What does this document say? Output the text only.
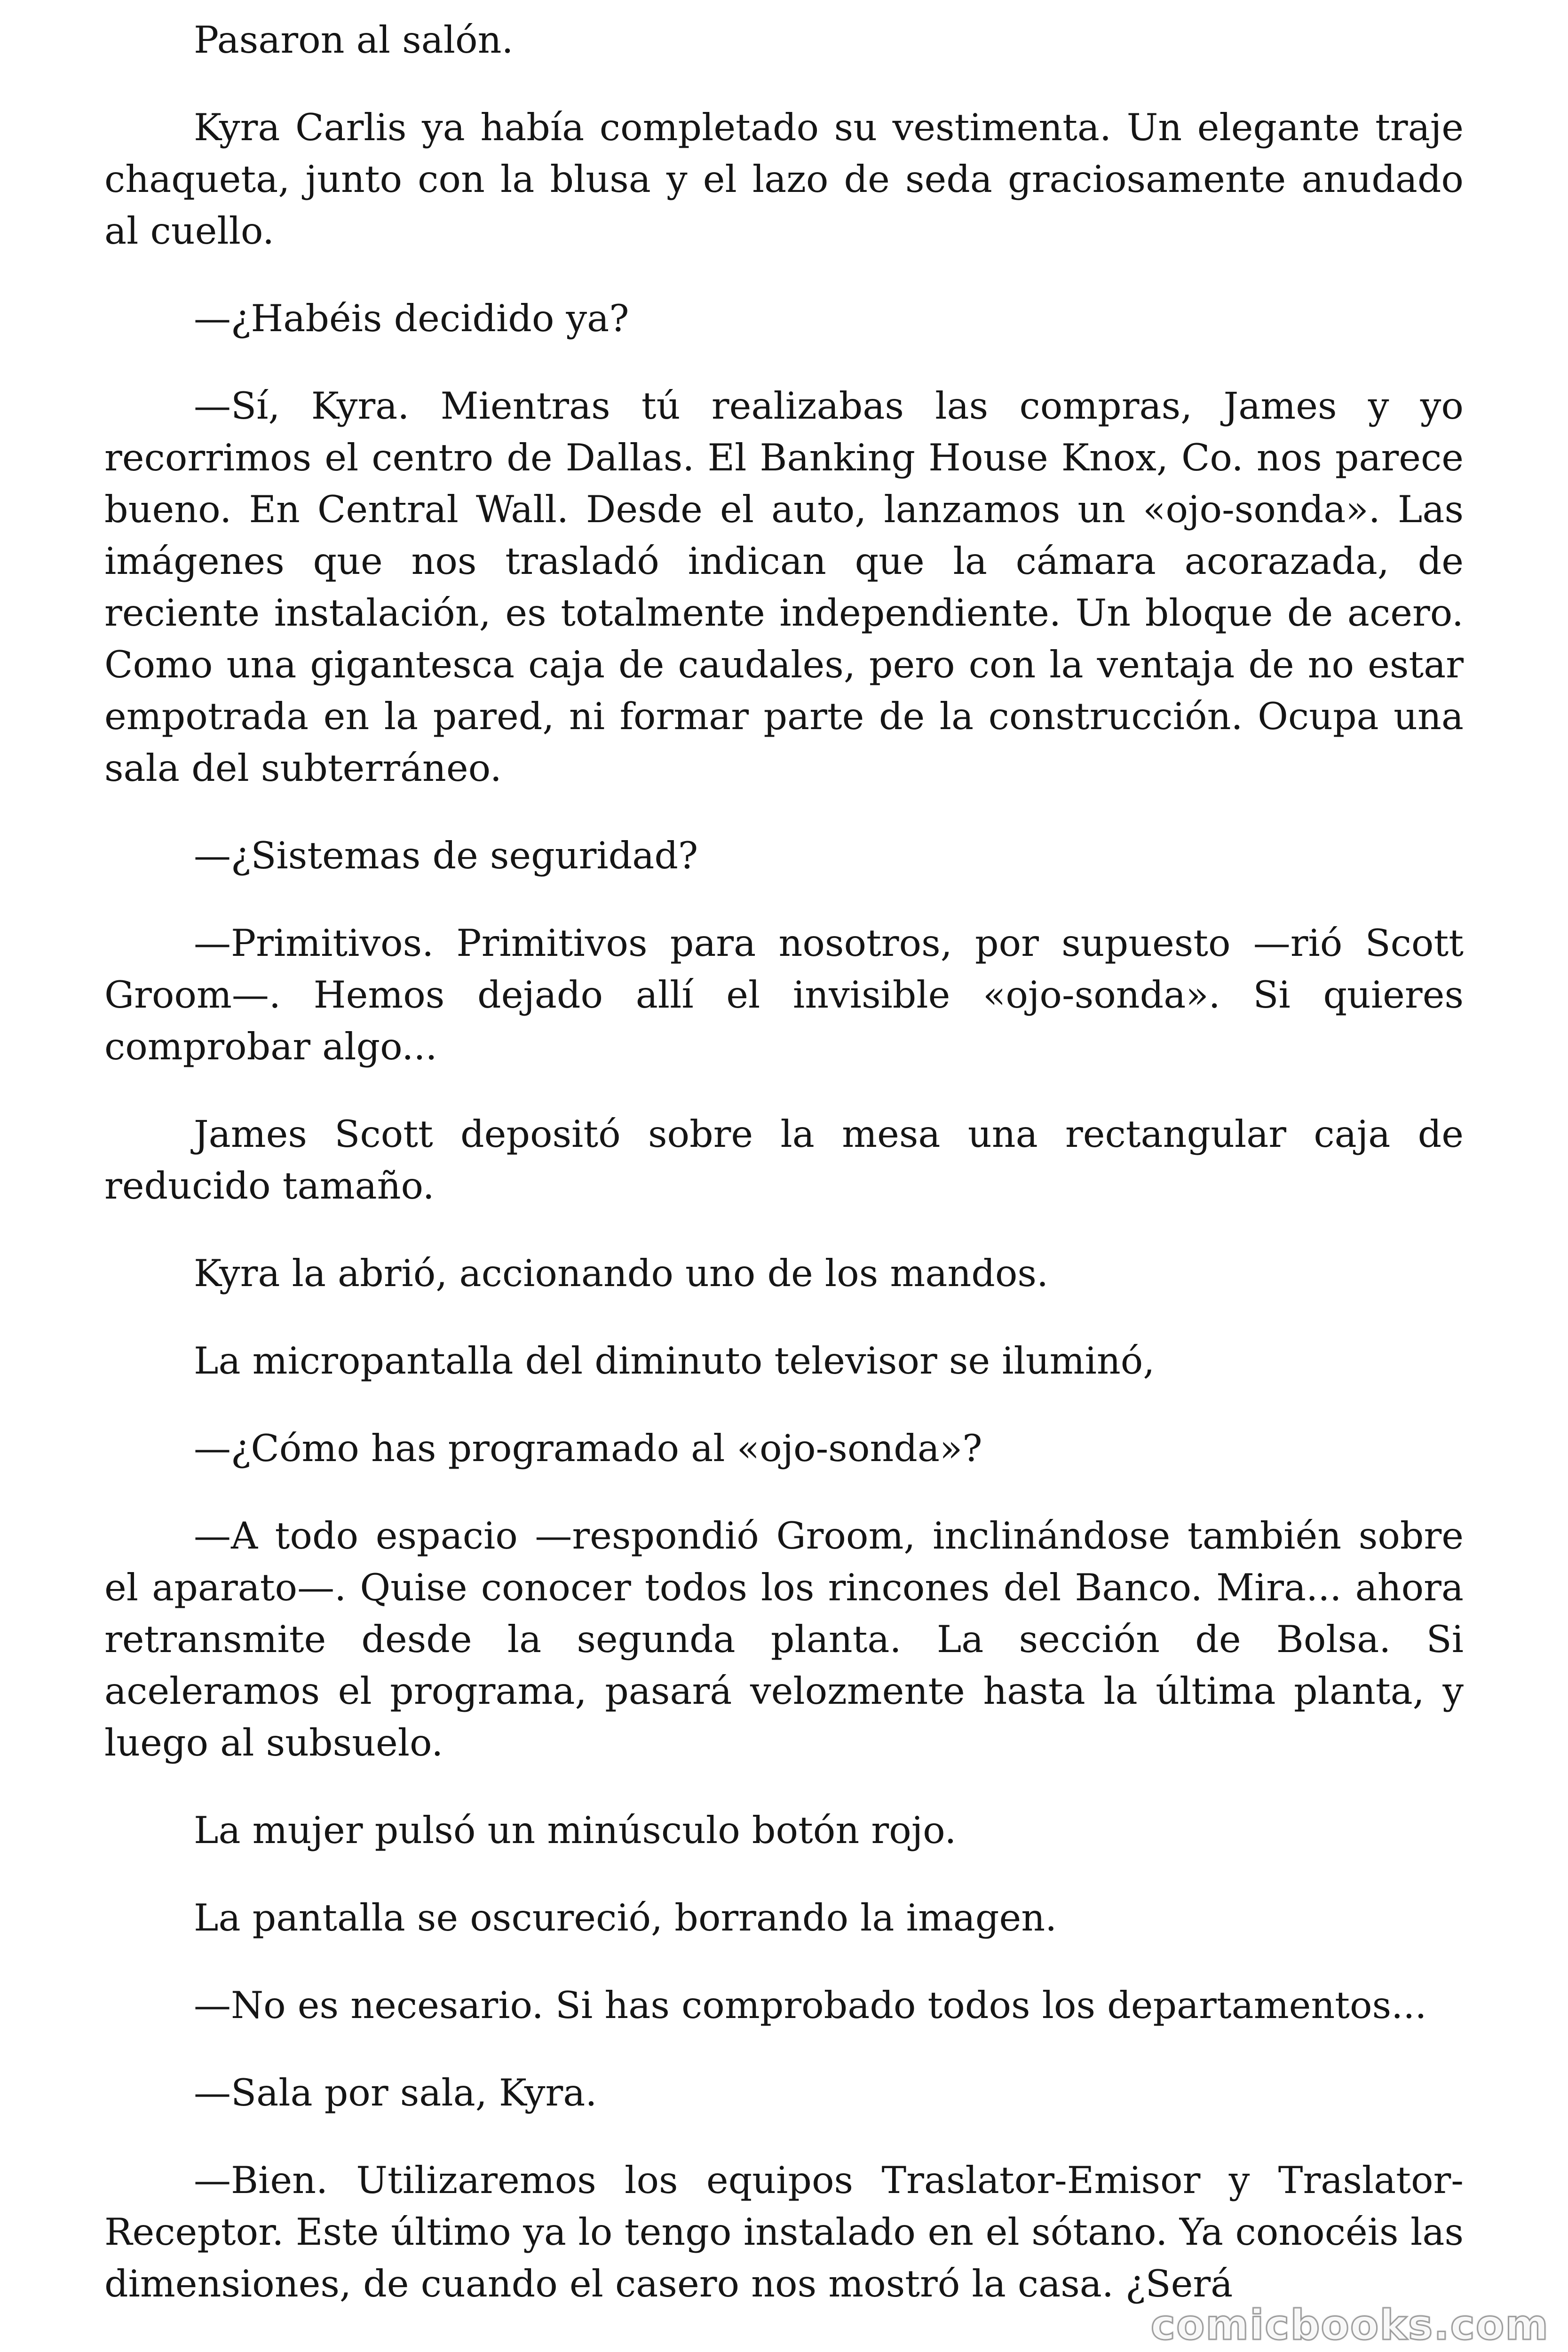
Pasaron al salón.

Kyra Carlis ya había completado su vestimenta. Un elegante traje chaqueta, junto con la blusa y el lazo de seda graciosamente anudado al cuello.

—¿Habéis decidido ya?

—Sí, Kyra. Mientras tú realizabas las compras, James y yo recorrimos el centro de Dallas. El Banking House Knox, Co. nos parece bueno. En Central Wall. Desde el auto, lanzamos un «ojo-sonda». Las imágenes que nos trasladó indican que la cámara acorazada, de reciente instalación, es totalmente independiente. Un bloque de acero. Como una gigantesca caja de caudales, pero con la ventaja de no estar empotrada en la pared, ni formar parte de la construcción. Ocupa una sala del subterráneo.

—¿Sistemas de seguridad?

—Primitivos. Primitivos para nosotros, por supuesto —rió Scott Groom—. Hemos dejado allí el invisible «ojo-sonda». Si quieres comprobar algo...

James Scott depositó sobre la mesa una rectangular caja de reducido tamaño.

Kyra la abrió, accionando uno de los mandos.

La micropantalla del diminuto televisor se iluminó,

—¿Cómo has programado al «ojo-sonda»?

—A todo espacio —respondió Groom, inclinándose también sobre el aparato—. Quise conocer todos los rincones del Banco. Mira... ahora retransmite desde la segunda planta. La sección de Bolsa. Si aceleramos el programa, pasará velozmente hasta la última planta, y luego al subsuelo.

La mujer pulsó un minúsculo botón rojo.

La pantalla se oscureció, borrando la imagen.

—No es necesario. Si has comprobado todos los departamentos...

—Sala por sala, Kyra.

—Bien. Utilizaremos los equipos Traslator-Emisor y Traslator-Receptor. Este último ya lo tengo instalado en el sótano. Ya conocéis las dimensiones, de cuando el casero nos mostró la casa. ¿Será

comicbooks.com
